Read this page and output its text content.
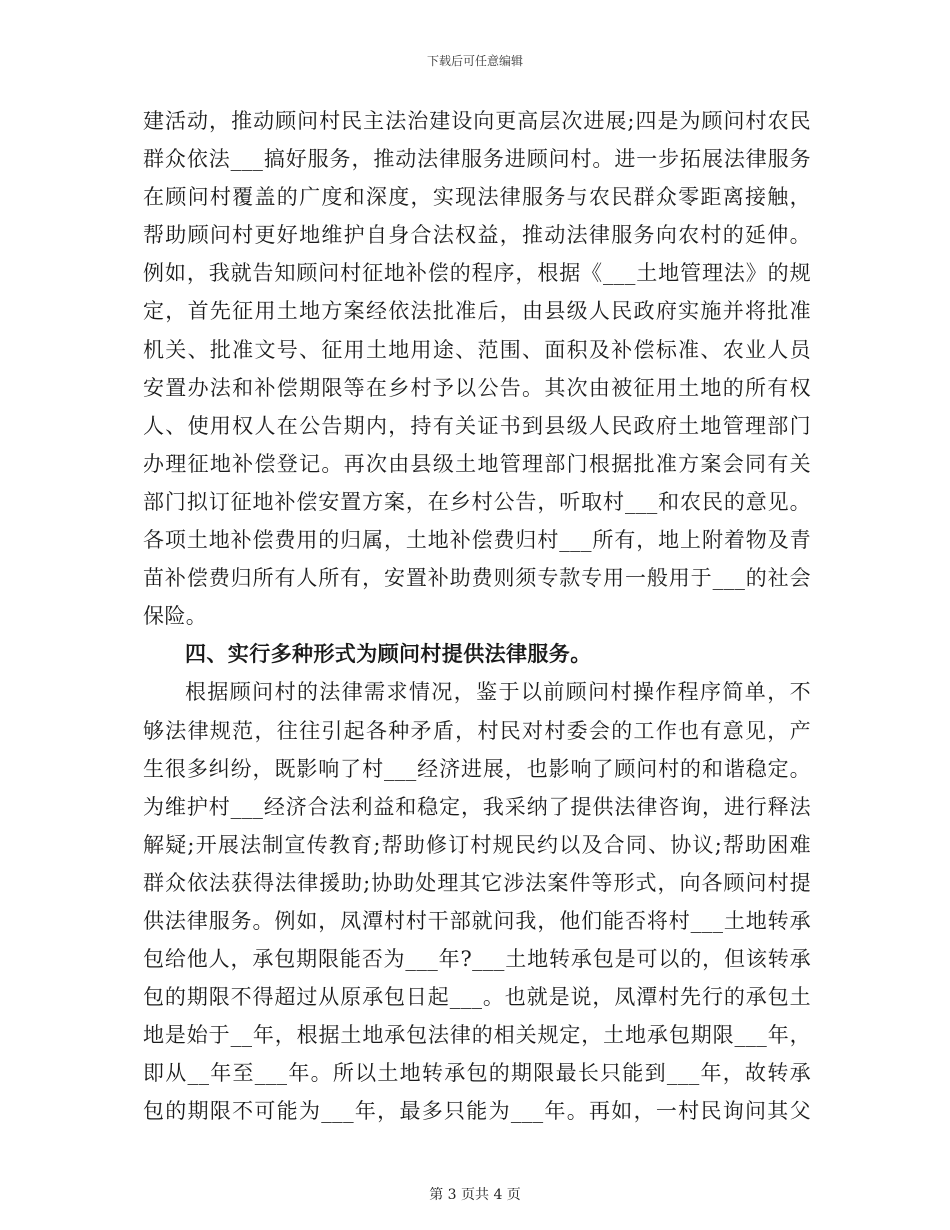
下载后可任意编辑
建活动，推动顾问村民主法治建设向更高层次进展;四是为顾问村农民
群众依法___搞好服务，推动法律服务进顾问村。进一步拓展法律服务
在顾问村覆盖的广度和深度，实现法律服务与农民群众零距离接触，
帮助顾问村更好地维护自身合法权益，推动法律服务向农村的延伸。
例如，我就告知顾问村征地补偿的程序，根据《___土地管理法》的规
定，首先征用土地方案经依法批准后，由县级人民政府实施并将批准
机关、批准文号、征用土地用途、范围、面积及补偿标准、农业人员
安置办法和补偿期限等在乡村予以公告。其次由被征用土地的所有权
人、使用权人在公告期内，持有关证书到县级人民政府土地管理部门
办理征地补偿登记。再次由县级土地管理部门根据批准方案会同有关
部门拟订征地补偿安置方案，在乡村公告，听取村___和农民的意见。
各项土地补偿费用的归属，土地补偿费归村___所有，地上附着物及青
苗补偿费归所有人所有，安置补助费则须专款专用一般用于___的社会
保险。
四、实行多种形式为顾问村提供法律服务。
根据顾问村的法律需求情况，鉴于以前顾问村操作程序简单，不
够法律规范，往往引起各种矛盾，村民对村委会的工作也有意见，产
生很多纠纷，既影响了村___经济进展，也影响了顾问村的和谐稳定。
为维护村___经济合法利益和稳定，我采纳了提供法律咨询，进行释法
解疑;开展法制宣传教育;帮助修订村规民约以及合同、协议;帮助困难
群众依法获得法律援助;协助处理其它涉法案件等形式，向各顾问村提
供法律服务。例如，凤潭村村干部就问我，他们能否将村___土地转承
包给他人，承包期限能否为___年?___土地转承包是可以的，但该转承
包的期限不得超过从原承包日起___。也就是说，凤潭村先行的承包土
地是始于__年，根据土地承包法律的相关规定，土地承包期限___年，
即从__年至___年。所以土地转承包的期限最长只能到___年，故转承
包的期限不可能为___年，最多只能为___年。再如，一村民询问其父
第 3 页共 4 页
